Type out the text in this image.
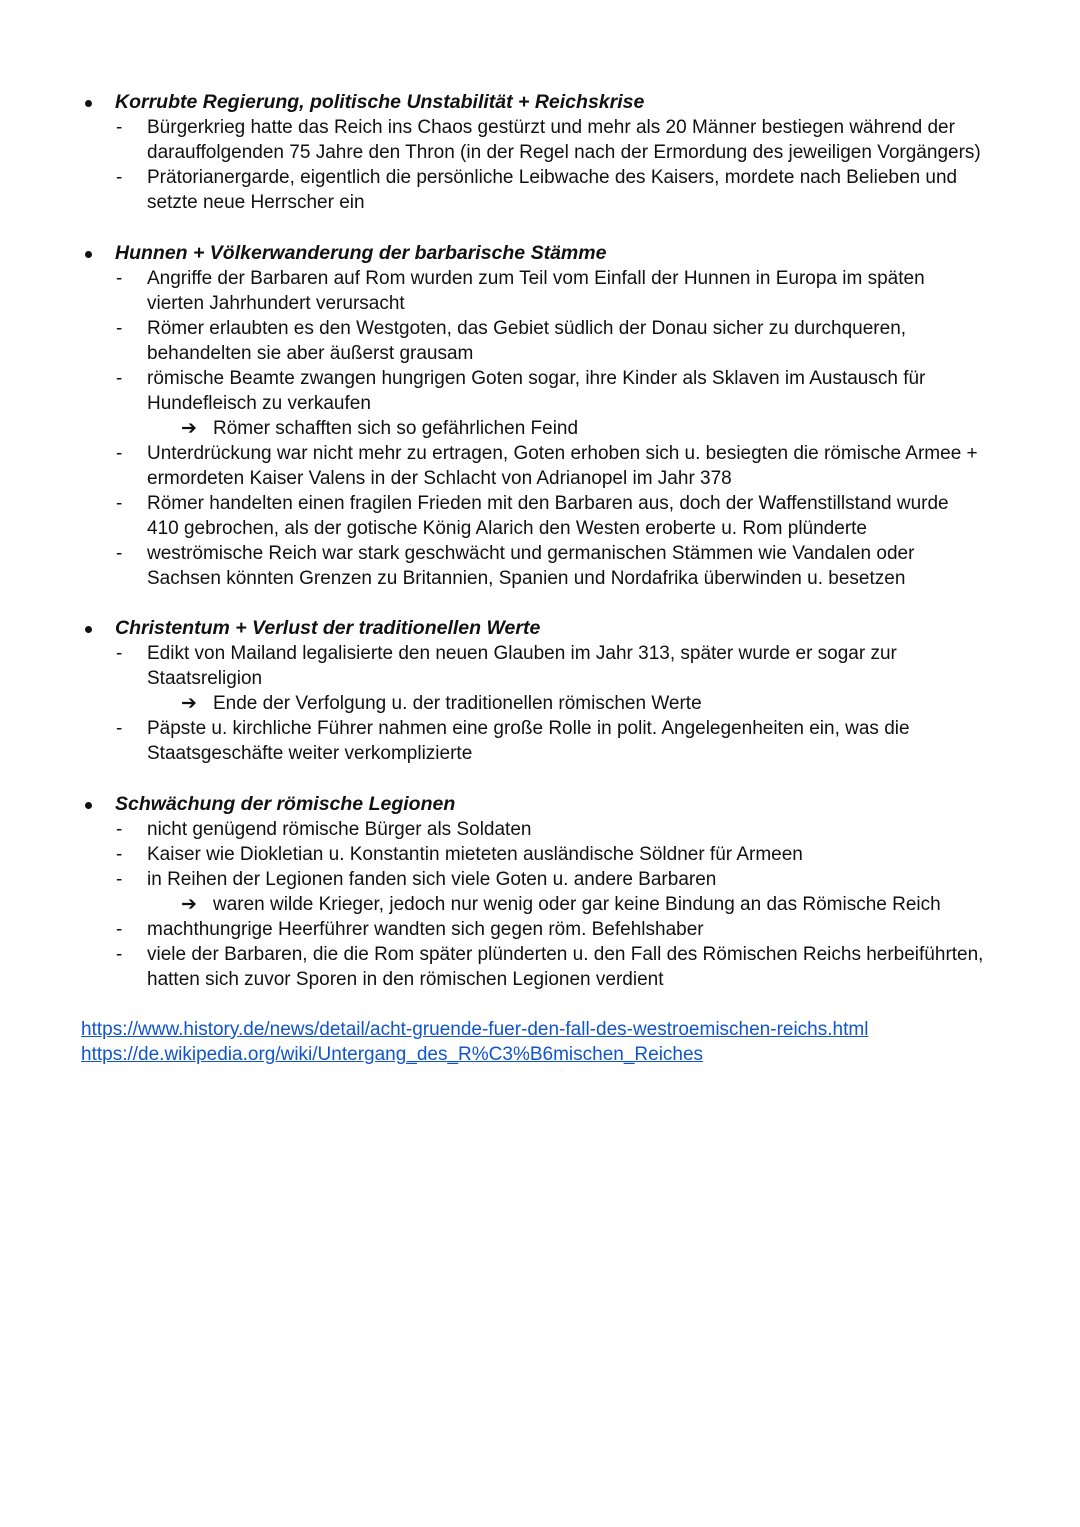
Korrubte Regierung, politische Unstabilität + Reichskrise
- Bürgerkrieg hatte das Reich ins Chaos gestürzt und mehr als 20 Männer bestiegen während der
darauffolgenden 75 Jahre den Thron (in der Regel nach der Ermordung des jeweiligen Vorgängers)
- Prätorianergarde, eigentlich die persönliche Leibwache des Kaisers, mordete nach Belieben und
setzte neue Herrscher ein
Hunnen + Völkerwanderung der barbarische Stämme
- Angriffe der Barbaren auf Rom wurden zum Teil vom Einfall der Hunnen in Europa im späten
vierten Jahrhundert verursacht
- Römer erlaubten es den Westgoten, das Gebiet südlich der Donau sicher zu durchqueren,
behandelten sie aber äußerst grausam
- römische Beamte zwangen hungrigen Goten sogar, ihre Kinder als Sklaven im Austausch für
Hundefleisch zu verkaufen
➔ Römer schafften sich so gefährlichen Feind
- Unterdrückung war nicht mehr zu ertragen, Goten erhoben sich u. besiegten die römische Armee +
ermordeten Kaiser Valens in der Schlacht von Adrianopel im Jahr 378
- Römer handelten einen fragilen Frieden mit den Barbaren aus, doch der Waffenstillstand wurde
410 gebrochen, als der gotische König Alarich den Westen eroberte u. Rom plünderte
- weströmische Reich war stark geschwächt und germanischen Stämmen wie Vandalen oder
Sachsen könnten Grenzen zu Britannien, Spanien und Nordafrika überwinden u. besetzen
Christentum + Verlust der traditionellen Werte
- Edikt von Mailand legalisierte den neuen Glauben im Jahr 313, später wurde er sogar zur
Staatsreligion
➔ Ende der Verfolgung u. der traditionellen römischen Werte
- Päpste u. kirchliche Führer nahmen eine große Rolle in polit. Angelegenheiten ein, was die
Staatsgeschäfte weiter verkomplizierte
Schwächung der römische Legionen
- nicht genügend römische Bürger als Soldaten
- Kaiser wie Diokletian u. Konstantin mieteten ausländische Söldner für Armeen
- in Reihen der Legionen fanden sich viele Goten u. andere Barbaren
➔ waren wilde Krieger, jedoch nur wenig oder gar keine Bindung an das Römische Reich
- machthungrige Heerführer wandten sich gegen röm. Befehlshaber
- viele der Barbaren, die die Rom später plünderten u. den Fall des Römischen Reichs herbeiführten,
hatten sich zuvor Sporen in den römischen Legionen verdient
https://www.history.de/news/detail/acht-gruende-fuer-den-fall-des-westroemischen-reichs.html
https://de.wikipedia.org/wiki/Untergang_des_R%C3%B6mischen_Reiches
